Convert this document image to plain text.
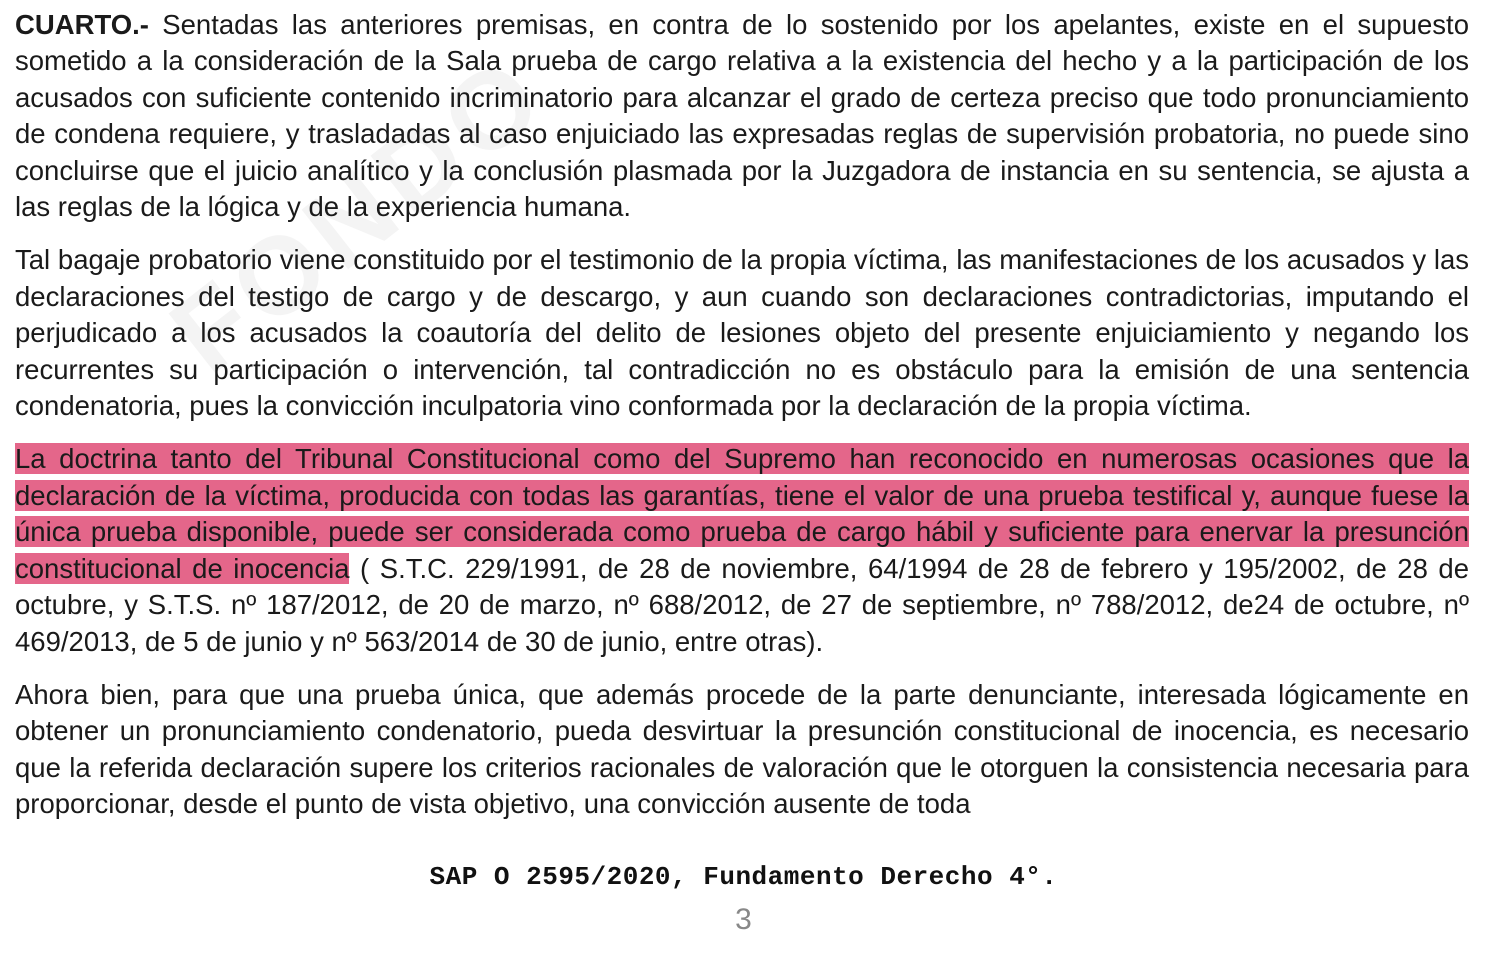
CUARTO.- Sentadas las anteriores premisas, en contra de lo sostenido por los apelantes, existe en el supuesto sometido a la consideración de la Sala prueba de cargo relativa a la existencia del hecho y a la participación de los acusados con suficiente contenido incriminatorio para alcanzar el grado de certeza preciso que todo pronunciamiento de condena requiere, y trasladadas al caso enjuiciado las expresadas reglas de supervisión probatoria, no puede sino concluirse que el juicio analítico y la conclusión plasmada por la Juzgadora de instancia en su sentencia, se ajusta a las reglas de la lógica y de la experiencia humana.

Tal bagaje probatorio viene constituido por el testimonio de la propia víctima, las manifestaciones de los acusados y las declaraciones del testigo de cargo y de descargo, y aun cuando son declaraciones contradictorias, imputando el perjudicado a los acusados la coautoría del delito de lesiones objeto del presente enjuiciamiento y negando los recurrentes su participación o intervención, tal contradicción no es obstáculo para la emisión de una sentencia condenatoria, pues la convicción inculpatoria vino conformada por la declaración de la propia víctima.

La doctrina tanto del Tribunal Constitucional como del Supremo han reconocido en numerosas ocasiones que la declaración de la víctima, producida con todas las garantías, tiene el valor de una prueba testifical y, aunque fuese la única prueba disponible, puede ser considerada como prueba de cargo hábil y suficiente para enervar la presunción constitucional de inocencia ( S.T.C. 229/1991, de 28 de noviembre, 64/1994 de 28 de febrero y 195/2002, de 28 de octubre, y S.T.S. nº 187/2012, de 20 de marzo, nº 688/2012, de 27 de septiembre, nº 788/2012, de24 de octubre, nº 469/2013, de 5 de junio y nº 563/2014 de 30 de junio, entre otras).

Ahora bien, para que una prueba única, que además procede de la parte denunciante, interesada lógicamente en obtener un pronunciamiento condenatorio, pueda desvirtuar la presunción constitucional de inocencia, es necesario que la referida declaración supere los criterios racionales de valoración que le otorguen la consistencia necesaria para proporcionar, desde el punto de vista objetivo, una convicción ausente de toda

SAP O 2595/2020, Fundamento Derecho 4°.
3
